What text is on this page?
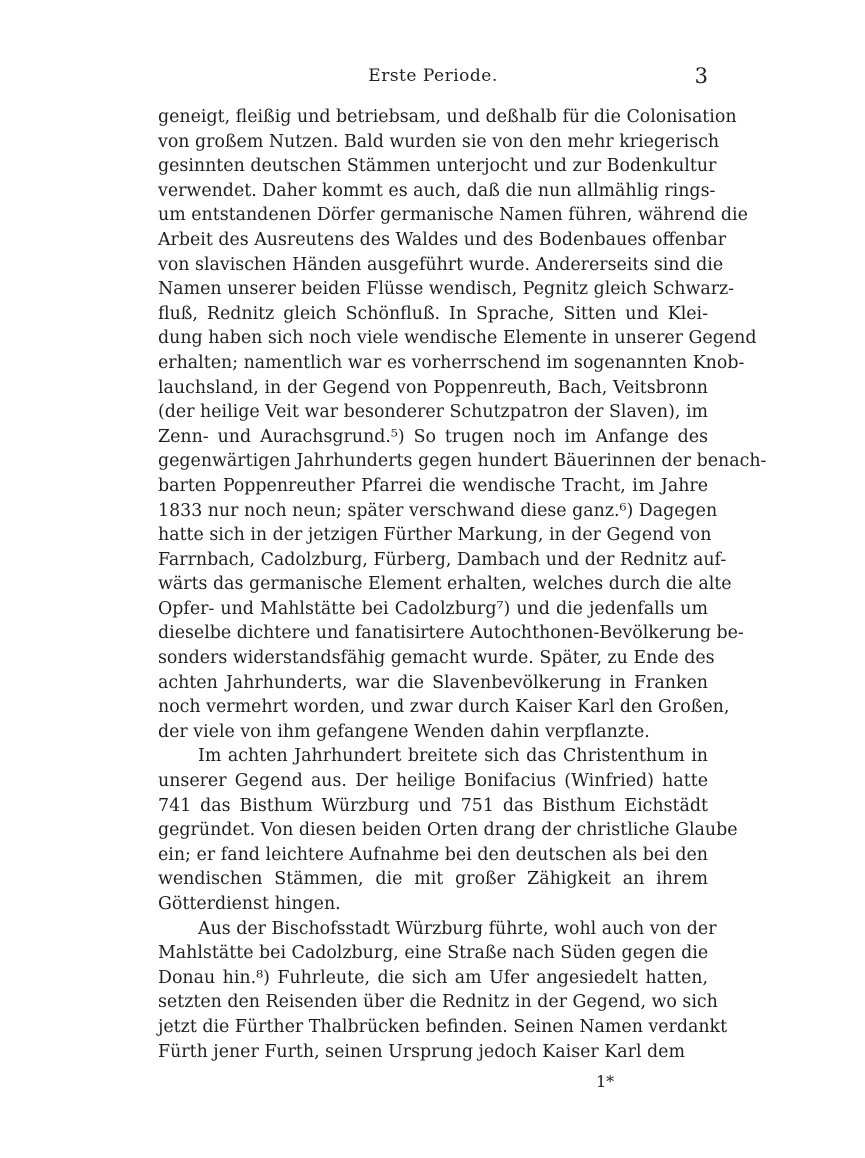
Erste Periode.	3

geneigt, fleißig und betriebsam, und deßhalb für die Colonisation
von großem Nutzen. Bald wurden sie von den mehr kriegerisch
gesinnten deutschen Stämmen unterjocht und zur Bodenkultur
verwendet. Daher kommt es auch, daß die nun allmählig rings-
um entstandenen Dörfer germanische Namen führen, während die
Arbeit des Ausreutens des Waldes und des Bodenbaues offenbar
von slavischen Händen ausgeführt wurde. Andererseits sind die
Namen unserer beiden Flüsse wendisch, Pegnitz gleich Schwarz-
fluß, Rednitz gleich Schönfluß. In Sprache, Sitten und Klei-
dung haben sich noch viele wendische Elemente in unserer Gegend
erhalten; namentlich war es vorherrschend im sogenannten Knob-
lauchsland, in der Gegend von Poppenreuth, Bach, Veitsbronn
(der heilige Veit war besonderer Schutzpatron der Slaven), im
Zenn- und Aurachsgrund.⁵) So trugen noch im Anfange des
gegenwärtigen Jahrhunderts gegen hundert Bäuerinnen der benach-
barten Poppenreuther Pfarrei die wendische Tracht, im Jahre
1833 nur noch neun; später verschwand diese ganz.⁶) Dagegen
hatte sich in der jetzigen Fürther Markung, in der Gegend von
Farrnbach, Cadolzburg, Fürberg, Dambach und der Rednitz auf-
wärts das germanische Element erhalten, welches durch die alte
Opfer- und Mahlstätte bei Cadolzburg⁷) und die jedenfalls um
dieselbe dichtere und fanatisirtere Autochthonen-Bevölkerung be-
sonders widerstandsfähig gemacht wurde. Später, zu Ende des
achten Jahrhunderts, war die Slavenbevölkerung in Franken
noch vermehrt worden, und zwar durch Kaiser Karl den Großen,
der viele von ihm gefangene Wenden dahin verpflanzte.

Im achten Jahrhundert breitete sich das Christenthum in
unserer Gegend aus. Der heilige Bonifacius (Winfried) hatte
741 das Bisthum Würzburg und 751 das Bisthum Eichstädt
gegründet. Von diesen beiden Orten drang der christliche Glaube
ein; er fand leichtere Aufnahme bei den deutschen als bei den
wendischen Stämmen, die mit großer Zähigkeit an ihrem
Götterdienst hingen.

Aus der Bischofsstadt Würzburg führte, wohl auch von der
Mahlstätte bei Cadolzburg, eine Straße nach Süden gegen die
Donau hin.⁸) Fuhrleute, die sich am Ufer angesiedelt hatten,
setzten den Reisenden über die Rednitz in der Gegend, wo sich
jetzt die Fürther Thalbrücken befinden. Seinen Namen verdankt
Fürth jener Furth, seinen Ursprung jedoch Kaiser Karl dem

1*
